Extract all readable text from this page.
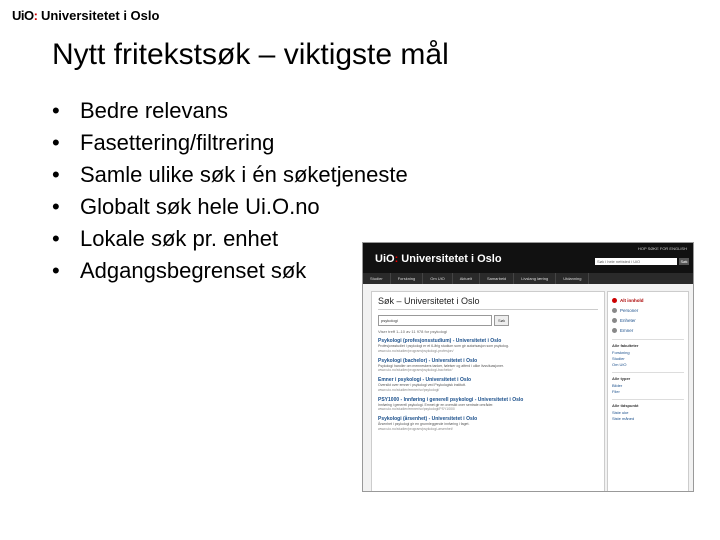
UiO : Universitetet i Oslo
Nytt fritekstsøk – viktigste mål
• Bedre relevans
• Fasettering/filtrering
• Samle ulike søk i én søketjeneste
• Globalt søk hele Ui.O.no
• Lokale søk pr. enhet
• Adgangsbegrenset søk	UiO: Universitetet i Oslo
HOP SØKE FOR ENGLISH
Søk i hele nettsted i UiO	Søk
Studier	Forskning	Om UiO	Aktuelt	Samarbeid	Livslang læring	Utdanning
Søk – Universitetet i Oslo
psykologi	Søk
Viser treff 1–10 av 11 978 for psykologi
Psykologi (profesjonsstudium) - Universitetet i Oslo
Profesjonsstudiet i psykologi er et 6-årig studium som gir autorisasjon som psykolog.
www.uio.no/studier/program/psykologi-profesjon/
Psykologi (bachelor) - Universitetet i Oslo
Psykologi handler om menneskers tanker, følelser og atferd i ulike livssituasjoner.
www.uio.no/studier/program/psykologi-bachelor/
Emner i psykologi - Universitetet i Oslo
Oversikt over emner i psykologi ved Psykologisk institutt.
www.uio.no/studier/emner/sv/psykologi/
PSY1000 - Innføring i generell psykologi - Universitetet i Oslo
Innføring i generell psykologi. Emnet gir en oversikt over sentrale områder.
www.uio.no/studier/emner/sv/psykologi/PSY1000/
Psykologi (årsenhet) - Universitetet i Oslo
Årsenhet i psykologi gir en grunnleggende innføring i faget.
www.uio.no/studier/program/psykologi-arsenhet/
Alt innhold
Personer
Enheter
Emner
Alle fakulteter
Forskning
Studier
Om UiO
Alle typer
Bilder
Filer
Alle tidspunkt
Siste uke
Siste måned
